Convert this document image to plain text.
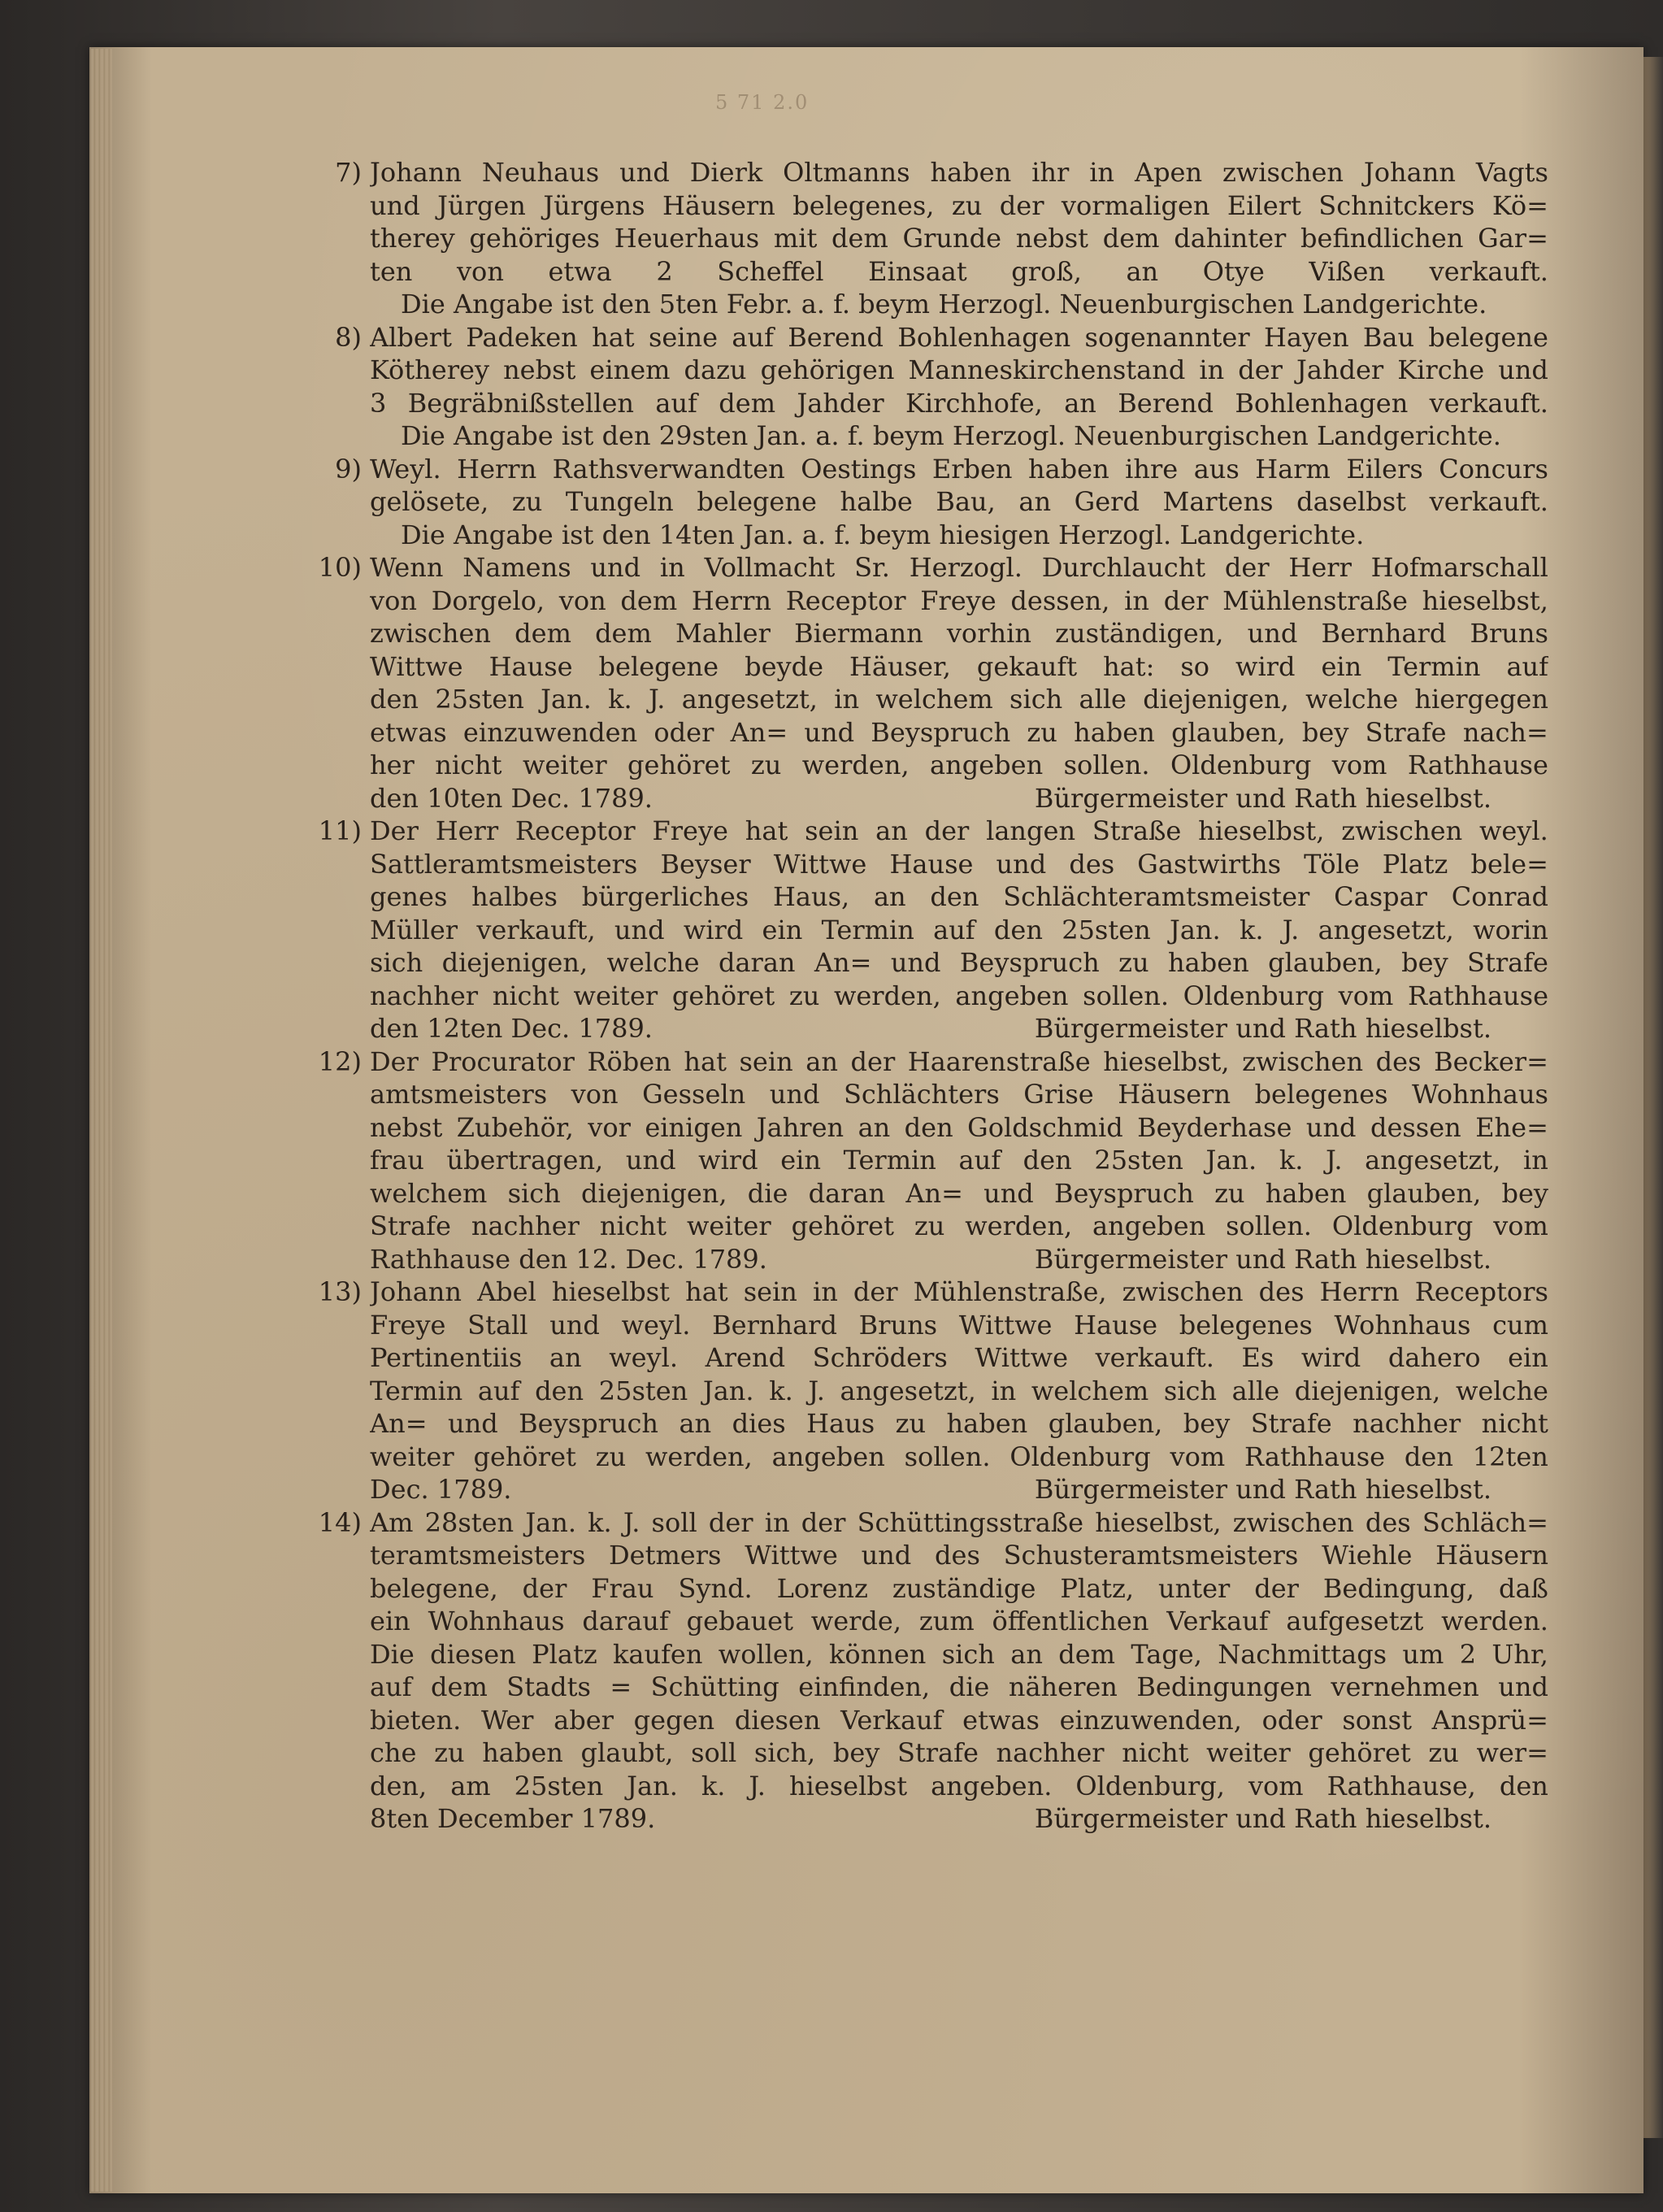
5 71 2.0
7) Johann Neuhaus und Dierk Oltmanns haben ihr in Apen zwischen Johann Vagts
und Jürgen Jürgens Häusern belegenes, zu der vormaligen Eilert Schnitckers Kö=
therey gehöriges Heuerhaus mit dem Grunde nebst dem dahinter befindlichen Gar=
ten von etwa 2 Scheffel Einsaat groß, an Otye Vißen verkauft.
Die Angabe ist den 5ten Febr. a. f. beym Herzogl. Neuenburgischen Landgerichte.
8) Albert Padeken hat seine auf Berend Bohlenhagen sogenannter Hayen Bau belegene
Kötherey nebst einem dazu gehörigen Manneskirchenstand in der Jahder Kirche und
3 Begräbnißstellen auf dem Jahder Kirchhofe, an Berend Bohlenhagen verkauft.
Die Angabe ist den 29sten Jan. a. f. beym Herzogl. Neuenburgischen Landgerichte.
9) Weyl. Herrn Rathsverwandten Oestings Erben haben ihre aus Harm Eilers Concurs
gelösete, zu Tungeln belegene halbe Bau, an Gerd Martens daselbst verkauft.
Die Angabe ist den 14ten Jan. a. f. beym hiesigen Herzogl. Landgerichte.
10) Wenn Namens und in Vollmacht Sr. Herzogl. Durchlaucht der Herr Hofmarschall
von Dorgelo, von dem Herrn Receptor Freye dessen, in der Mühlenstraße hieselbst,
zwischen dem dem Mahler Biermann vorhin zuständigen, und Bernhard Bruns
Wittwe Hause belegene beyde Häuser, gekauft hat: so wird ein Termin auf
den 25sten Jan. k. J. angesetzt, in welchem sich alle diejenigen, welche hiergegen
etwas einzuwenden oder An= und Beyspruch zu haben glauben, bey Strafe nach=
her nicht weiter gehöret zu werden, angeben sollen. Oldenburg vom Rathhause
den 10ten Dec. 1789.	Bürgermeister und Rath hieselbst.
11) Der Herr Receptor Freye hat sein an der langen Straße hieselbst, zwischen weyl.
Sattleramtsmeisters Beyser Wittwe Hause und des Gastwirths Töle Platz bele=
genes halbes bürgerliches Haus, an den Schlächteramtsmeister Caspar Conrad
Müller verkauft, und wird ein Termin auf den 25sten Jan. k. J. angesetzt, worin
sich diejenigen, welche daran An= und Beyspruch zu haben glauben, bey Strafe
nachher nicht weiter gehöret zu werden, angeben sollen. Oldenburg vom Rathhause
den 12ten Dec. 1789.	Bürgermeister und Rath hieselbst.
12) Der Procurator Röben hat sein an der Haarenstraße hieselbst, zwischen des Becker=
amtsmeisters von Gesseln und Schlächters Grise Häusern belegenes Wohnhaus
nebst Zubehör, vor einigen Jahren an den Goldschmid Beyderhase und dessen Ehe=
frau übertragen, und wird ein Termin auf den 25sten Jan. k. J. angesetzt, in
welchem sich diejenigen, die daran An= und Beyspruch zu haben glauben, bey
Strafe nachher nicht weiter gehöret zu werden, angeben sollen. Oldenburg vom
Rathhause den 12. Dec. 1789.	Bürgermeister und Rath hieselbst.
13) Johann Abel hieselbst hat sein in der Mühlenstraße, zwischen des Herrn Receptors
Freye Stall und weyl. Bernhard Bruns Wittwe Hause belegenes Wohnhaus cum
Pertinentiis an weyl. Arend Schröders Wittwe verkauft. Es wird dahero ein
Termin auf den 25sten Jan. k. J. angesetzt, in welchem sich alle diejenigen, welche
An= und Beyspruch an dies Haus zu haben glauben, bey Strafe nachher nicht
weiter gehöret zu werden, angeben sollen. Oldenburg vom Rathhause den 12ten
Dec. 1789.	Bürgermeister und Rath hieselbst.
14) Am 28sten Jan. k. J. soll der in der Schüttingsstraße hieselbst, zwischen des Schläch=
teramtsmeisters Detmers Wittwe und des Schusteramtsmeisters Wiehle Häusern
belegene, der Frau Synd. Lorenz zuständige Platz, unter der Bedingung, daß
ein Wohnhaus darauf gebauet werde, zum öffentlichen Verkauf aufgesetzt werden.
Die diesen Platz kaufen wollen, können sich an dem Tage, Nachmittags um 2 Uhr,
auf dem Stadts = Schütting einfinden, die näheren Bedingungen vernehmen und
bieten. Wer aber gegen diesen Verkauf etwas einzuwenden, oder sonst Ansprü=
che zu haben glaubt, soll sich, bey Strafe nachher nicht weiter gehöret zu wer=
den, am 25sten Jan. k. J. hieselbst angeben. Oldenburg, vom Rathhause, den
8ten December 1789.	Bürgermeister und Rath hieselbst.
